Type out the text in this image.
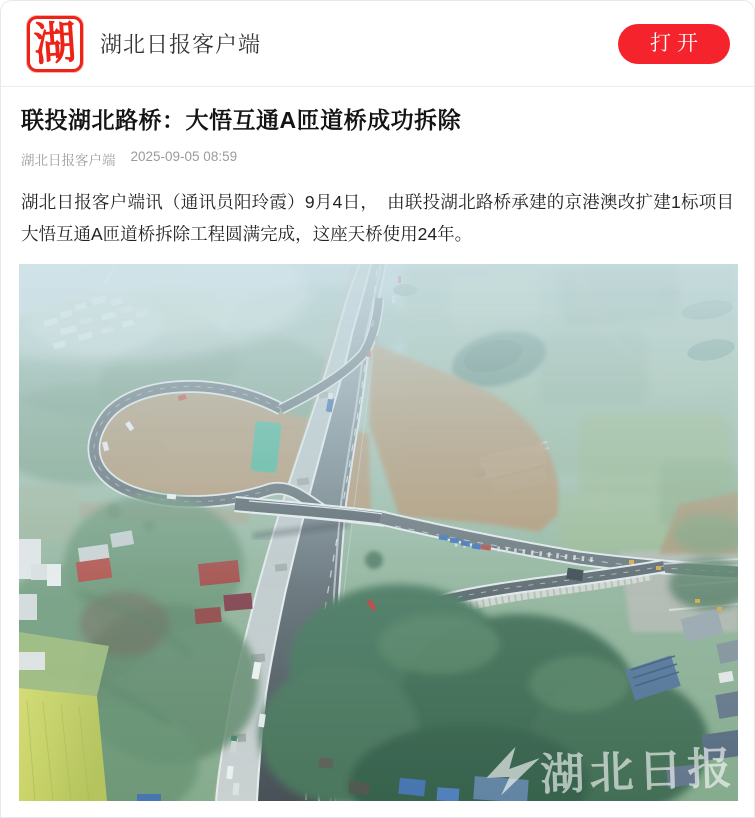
湖 湖北日报客户端	打开
联投湖北路桥：大悟互通A匝道桥成功拆除
湖北日报客户端 2025-09-05 08:59

湖北日报客户端讯（通讯员阳玲霞）9月4日，　由联投湖北路桥承建的京港澳改扩建1标项目大悟互通A匝道桥拆除工程圆满完成，这座天桥使用24年。

湖北日报
